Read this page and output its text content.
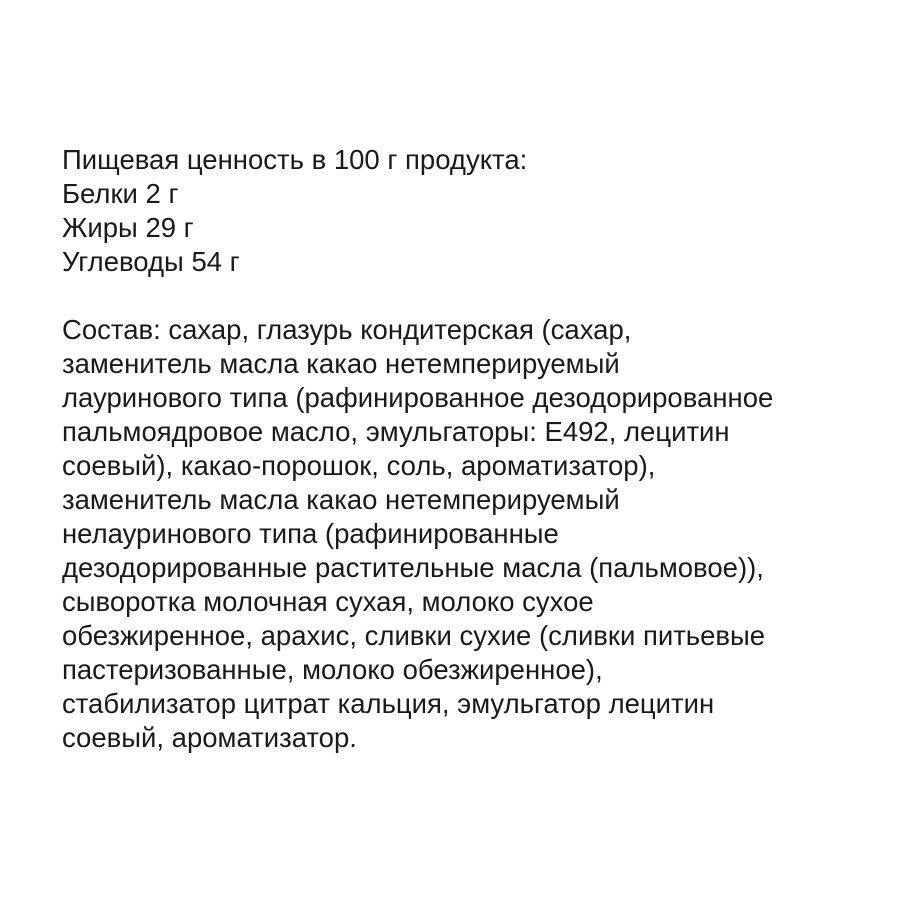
Пищевая ценность в 100 г продукта:
Белки 2 г
Жиры 29 г
Углеводы 54 г
Состав: сахар, глазурь кондитерская (сахар,
заменитель масла какао нетемперируемый
лауринового типа (рафинированное дезодорированное
пальмоядровое масло, эмульгаторы: Е492, лецитин
соевый), какао-порошок, соль, ароматизатор),
заменитель масла какао нетемперируемый
нелауринового типа (рафинированные
дезодорированные растительные масла (пальмовое)),
сыворотка молочная сухая, молоко сухое
обезжиренное, арахис, сливки сухие (сливки питьевые
пастеризованные, молоко обезжиренное),
стабилизатор цитрат кальция, эмульгатор лецитин
соевый, ароматизатор.
